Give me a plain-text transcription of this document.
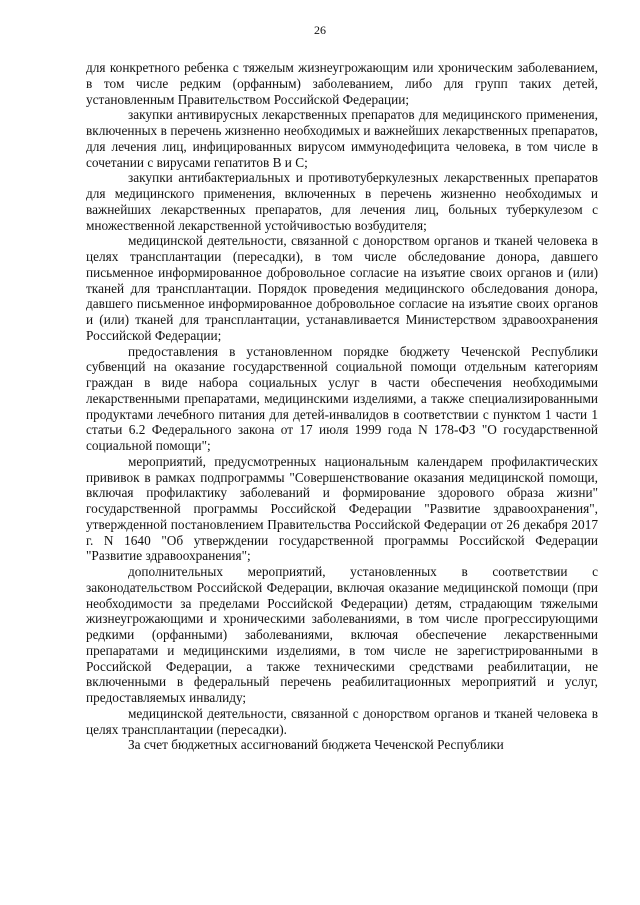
26

для конкретного ребенка с тяжелым жизнеугрожающим или хроническим заболеванием, в том числе редким (орфанным) заболеванием, либо для групп таких детей, установленным Правительством Российской Федерации;

закупки антивирусных лекарственных препаратов для медицинского применения, включенных в перечень жизненно необходимых и важнейших лекарственных препаратов, для лечения лиц, инфицированных вирусом иммунодефицита человека, в том числе в сочетании с вирусами гепатитов B и C;

закупки антибактериальных и противотуберкулезных лекарственных препаратов для медицинского применения, включенных в перечень жизненно необходимых и важнейших лекарственных препаратов, для лечения лиц, больных туберкулезом с множественной лекарственной устойчивостью возбудителя;

медицинской деятельности, связанной с донорством органов и тканей человека в целях трансплантации (пересадки), в том числе обследование донора, давшего письменное информированное добровольное согласие на изъятие своих органов и (или) тканей для трансплантации. Порядок проведения медицинского обследования донора, давшего письменное информированное добровольное согласие на изъятие своих органов и (или) тканей для трансплантации, устанавливается Министерством здравоохранения Российской Федерации;

предоставления в установленном порядке бюджету Чеченской Республики субвенций на оказание государственной социальной помощи отдельным категориям граждан в виде набора социальных услуг в части обеспечения необходимыми лекарственными препаратами, медицинскими изделиями, а также специализированными продуктами лечебного питания для детей-инвалидов в соответствии с пунктом 1 части 1 статьи 6.2 Федерального закона от 17 июля 1999 года N 178-ФЗ "О государственной социальной помощи";

мероприятий, предусмотренных национальным календарем профилактических прививок в рамках подпрограммы "Совершенствование оказания медицинской помощи, включая профилактику заболеваний и формирование здорового образа жизни" государственной программы Российской Федерации "Развитие здравоохранения", утвержденной постановлением Правительства Российской Федерации от 26 декабря 2017 г. N 1640 "Об утверждении государственной программы Российской Федерации "Развитие здравоохранения";

дополнительных мероприятий, установленных в соответствии с законодательством Российской Федерации, включая оказание медицинской помощи (при необходимости за пределами Российской Федерации) детям, страдающим тяжелыми жизнеугрожающими и хроническими заболеваниями, в том числе прогрессирующими редкими (орфанными) заболеваниями, включая обеспечение лекарственными препаратами и медицинскими изделиями, в том числе не зарегистрированными в Российской Федерации, а также техническими средствами реабилитации, не включенными в федеральный перечень реабилитационных мероприятий и услуг, предоставляемых инвалиду;

медицинской деятельности, связанной с донорством органов и тканей человека в целях трансплантации (пересадки).

За счет бюджетных ассигнований бюджета Чеченской Республики
